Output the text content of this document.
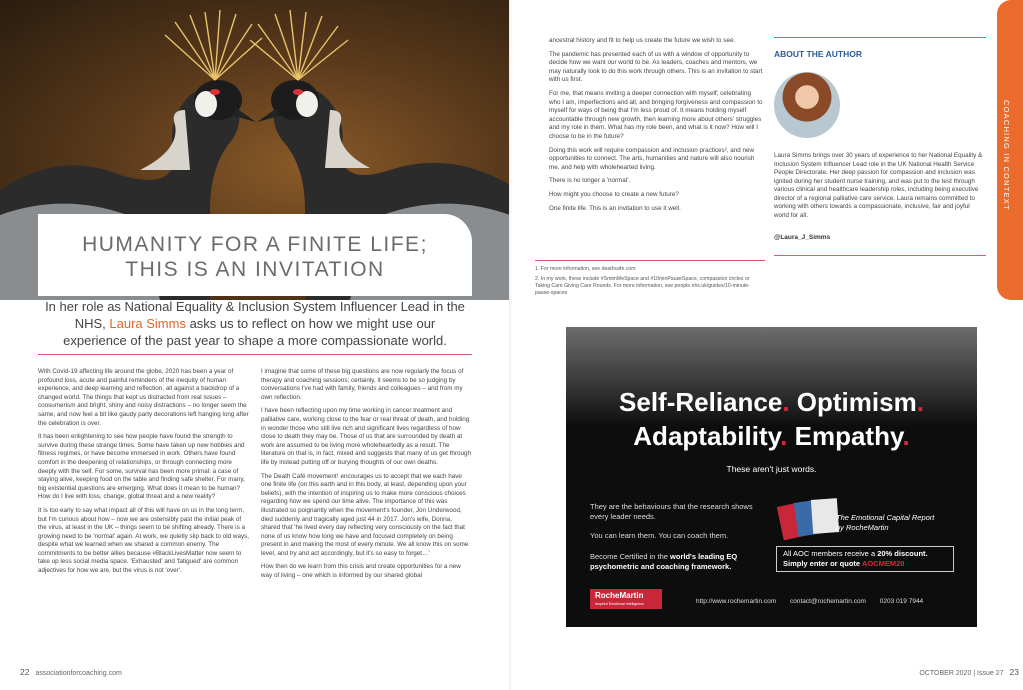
HUMANITY FOR A FINITE LIFE;
THIS IS AN INVITATION
In her role as National Equality & Inclusion System Influencer Lead in the NHS, Laura Simms asks us to reflect on how we might use our experience of the past year to shape a more compassionate world.

With Covid-19 affecting life around the globe, 2020 has been a year of profound loss, acute and painful reminders of the inequity of human experience, and deep learning and reflection, all against a backdrop of a changed world. The things that kept us distracted from real issues – consumerism and bright, shiny and noisy distractions – no longer seem the same, and now feel a bit like gaudy party decorations left hanging long after the celebration is over.

It has been enlightening to see how people have found the strength to survive during these strange times. Some have taken up new hobbies and fitness regimes, or have become immersed in work. Others have found comfort in the deepening of relationships, or through connecting more deeply with the self. For some, survival has been more primal: a case of staying alive, keeping food on the table and finding safe shelter. For many, big existential questions are emerging. What does it mean to be human? How do I live with loss, change, global threat and a new reality?

It is too early to say what impact all of this will have on us in the long term, but I'm curious about how – now we are ostensibly past the initial peak of the virus, at least in the UK – things seem to be shifting already. There is a growing need to be 'normal' again. At work, we quietly slip back to old ways, despite what we learned when we shared a common enemy. The commitments to be better allies because #BlackLivesMatter now seem to take up less social media space. 'Exhausted' and 'fatigued' are common adjectives for how we are, but the virus is not 'over'.

I imagine that some of these big questions are now regularly the focus of therapy and coaching sessions; certainly, it seems to be so judging by conversations I've had with family, friends and colleagues – and from my own reflection.

I have been reflecting upon my time working in cancer treatment and palliative care, working close to the fear or real threat of death, and holding in wonder those who still live rich and significant lives regardless of how close to death they may be. Those of us that are surrounded by death at work are assumed to be living more wholeheartedly as a result. The literature on that is, in fact, mixed and suggests that many of us get through life by instead putting off or burying thoughts of our own deaths.

The Death Café movement¹ encourages us to accept that we each have one finite life (on this earth and in this body, at least, depending upon your beliefs), with the intention of inspiring us to make more conscious choices regarding how we spend our time alive. The importance of this was illustrated so poignantly when the movement's founder, Jon Underwood, died suddenly and tragically aged just 44 in 2017. Jon's wife, Donna, shared that 'he lived every day reflecting very consciously on the fact that none of us know how long we have and focused completely on being present in and making the most of every minute. We all know this on some level, and try and act accordingly, but it's so easy to forget…'

How then do we learn from this crisis and create opportunities for a new way of living – one which is informed by our shared global

22 associationforcoaching.com

ancestral history and fit to help us create the future we wish to see.

The pandemic has presented each of us with a window of opportunity to decide how we want our world to be. As leaders, coaches and mentors, we may naturally look to do this work through others. This is an invitation to start with us first.

For me, that means inviting a deeper connection with myself; celebrating who I am, imperfections and all, and bringing forgiveness and compassion to myself for ways of being that I'm less proud of. It means holding myself accountable through new growth, then learning more about others' struggles and my role in them. What has my role been, and what is it now? How will I choose to be in the future?

Doing this work will require compassion and inclusion practices², and new opportunities to connect. The arts, humanities and nature will also nourish me, and help with wholehearted living.

There is no longer a 'normal'.

How might you choose to create a new future?

One finite life. This is an invitation to use it well.

ABOUT THE AUTHOR
Laura Simms brings over 30 years of experience to her National Equality & Inclusion System Influencer Lead role in the UK National Health Service People Directorate. Her deep passion for compassion and inclusion was ignited during her student nurse training, and was put to the test through various clinical and healthcare leadership roles, including being executive director of a regional palliative care service. Laura remains committed to working with others towards a compassionate, inclusive, fair and joyful world for all.
@Laura_J_Simms
COACHING IN CONTEXT
1. For more information, see deathcafe.com
2. In my work, these include #SmimMeSpace and #10minPauseSpace, compassion circles or Taking Care Giving Care Rounds. For more information, see people.nhs.uk/guides/10-minute-pause-spaces
Self-Reliance. Optimism.
Adaptability. Empathy.
These aren't just words.
They are the behaviours that the research shows every leader needs.
You can learn them. You can coach them.
Become Certified in the world's leading EQ psychometric and coaching framework.
The Emotional Capital Report
by RocheMartin
All AOC members receive a 20% discount.
Simply enter or quote AOCMEM20
RocheMartin
Inspired Emotional Intelligence	http://www.rochemartin.com contact@rochemartin.com 0203 019 7944
OCTOBER 2020 | Issue 27 23
